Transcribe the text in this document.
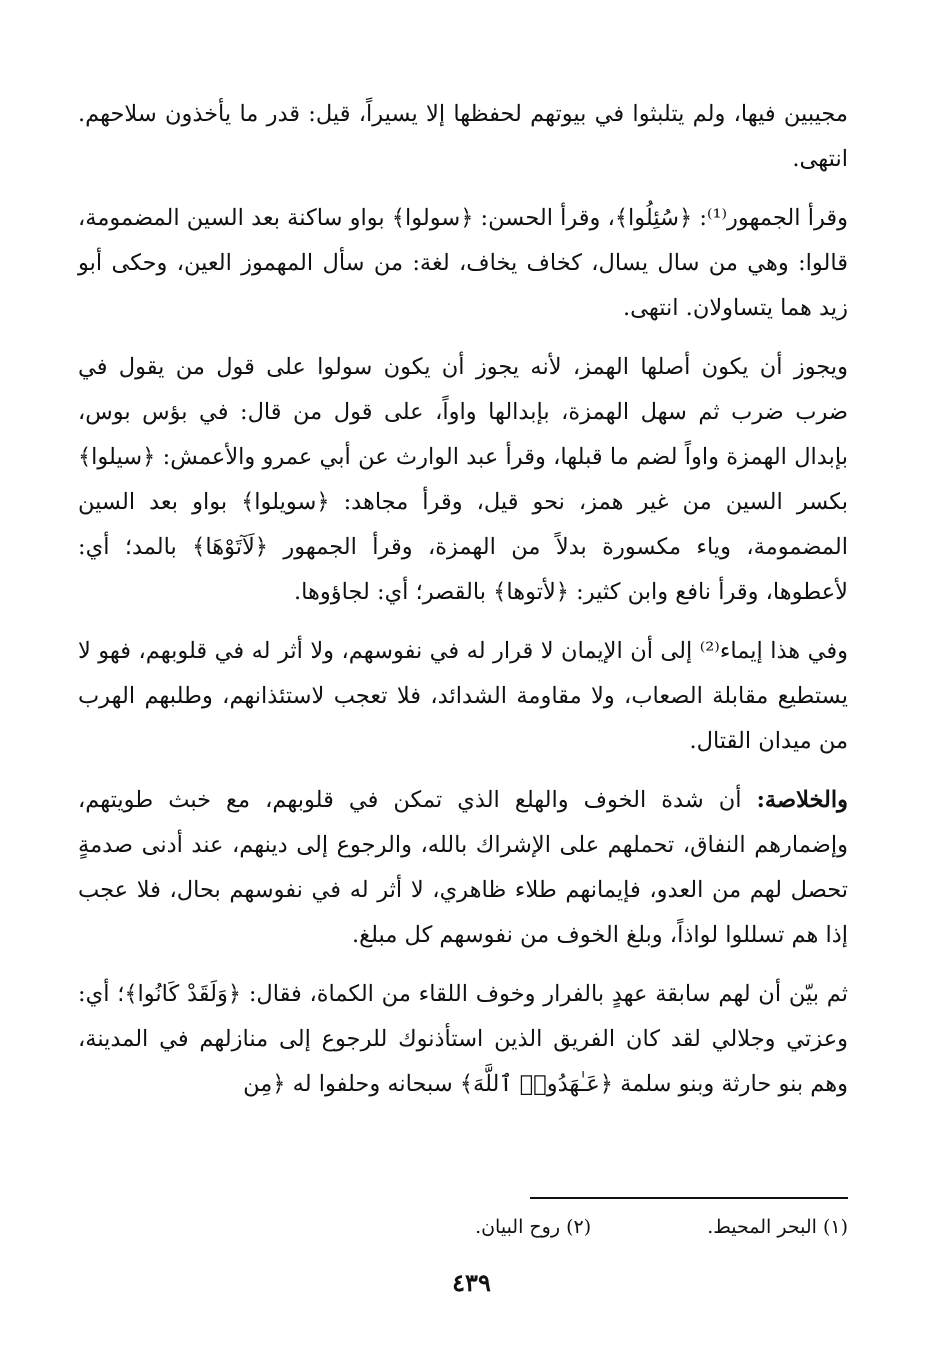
مجيبين فيها، ولم يتلبثوا في بيوتهم لحفظها إلا يسيراً، قيل: قدر ما يأخذون سلاحهم. انتهى.

وقرأ الجمهور⁽¹⁾: ﴿سُئِلُوا﴾، وقرأ الحسن: ﴿سولوا﴾ بواو ساكنة بعد السين المضمومة، قالوا: وهي من سال يسال، كخاف يخاف، لغة: من سأل المهموز العين، وحكى أبو زيد هما يتساولان. انتهى.

ويجوز أن يكون أصلها الهمز، لأنه يجوز أن يكون سولوا على قول من يقول في ضرب ضرب ثم سهل الهمزة، بإبدالها واواً، على قول من قال: في بؤس بوس، بإبدال الهمزة واواً لضم ما قبلها، وقرأ عبد الوارث عن أبي عمرو والأعمش: ﴿سيلوا﴾ بكسر السين من غير همز، نحو قيل، وقرأ مجاهد: ﴿سويلوا﴾ بواو بعد السين المضمومة، وياء مكسورة بدلاً من الهمزة، وقرأ الجمهور ﴿لَآتَوْهَا﴾ بالمد؛ أي: لأعطوها، وقرأ نافع وابن كثير: ﴿لأتوها﴾ بالقصر؛ أي: لجاؤوها.

وفي هذا إيماء⁽²⁾ إلى أن الإيمان لا قرار له في نفوسهم، ولا أثر له في قلوبهم، فهو لا يستطيع مقابلة الصعاب، ولا مقاومة الشدائد، فلا تعجب لاستئذانهم، وطلبهم الهرب من ميدان القتال.

والخلاصة: أن شدة الخوف والهلع الذي تمكن في قلوبهم، مع خبث طويتهم، وإضمارهم النفاق، تحملهم على الإشراك بالله، والرجوع إلى دينهم، عند أدنى صدمةٍ تحصل لهم من العدو، فإيمانهم طلاء ظاهري، لا أثر له في نفوسهم بحال، فلا عجب إذا هم تسللوا لواذاً، وبلغ الخوف من نفوسهم كل مبلغ.

ثم بيّن أن لهم سابقة عهدٍ بالفرار وخوف اللقاء من الكماة، فقال: ﴿وَلَقَدْ كَانُوا﴾؛ أي: وعزتي وجلالي لقد كان الفريق الذين استأذنوك للرجوع إلى منازلهم في المدينة، وهم بنو حارثة وبنو سلمة ﴿عَـٰهَدُوا۟ ٱللَّهَ﴾ سبحانه وحلفوا له ﴿مِن

(١) البحر المحيط. (٢) روح البيان.
٤٣٩
